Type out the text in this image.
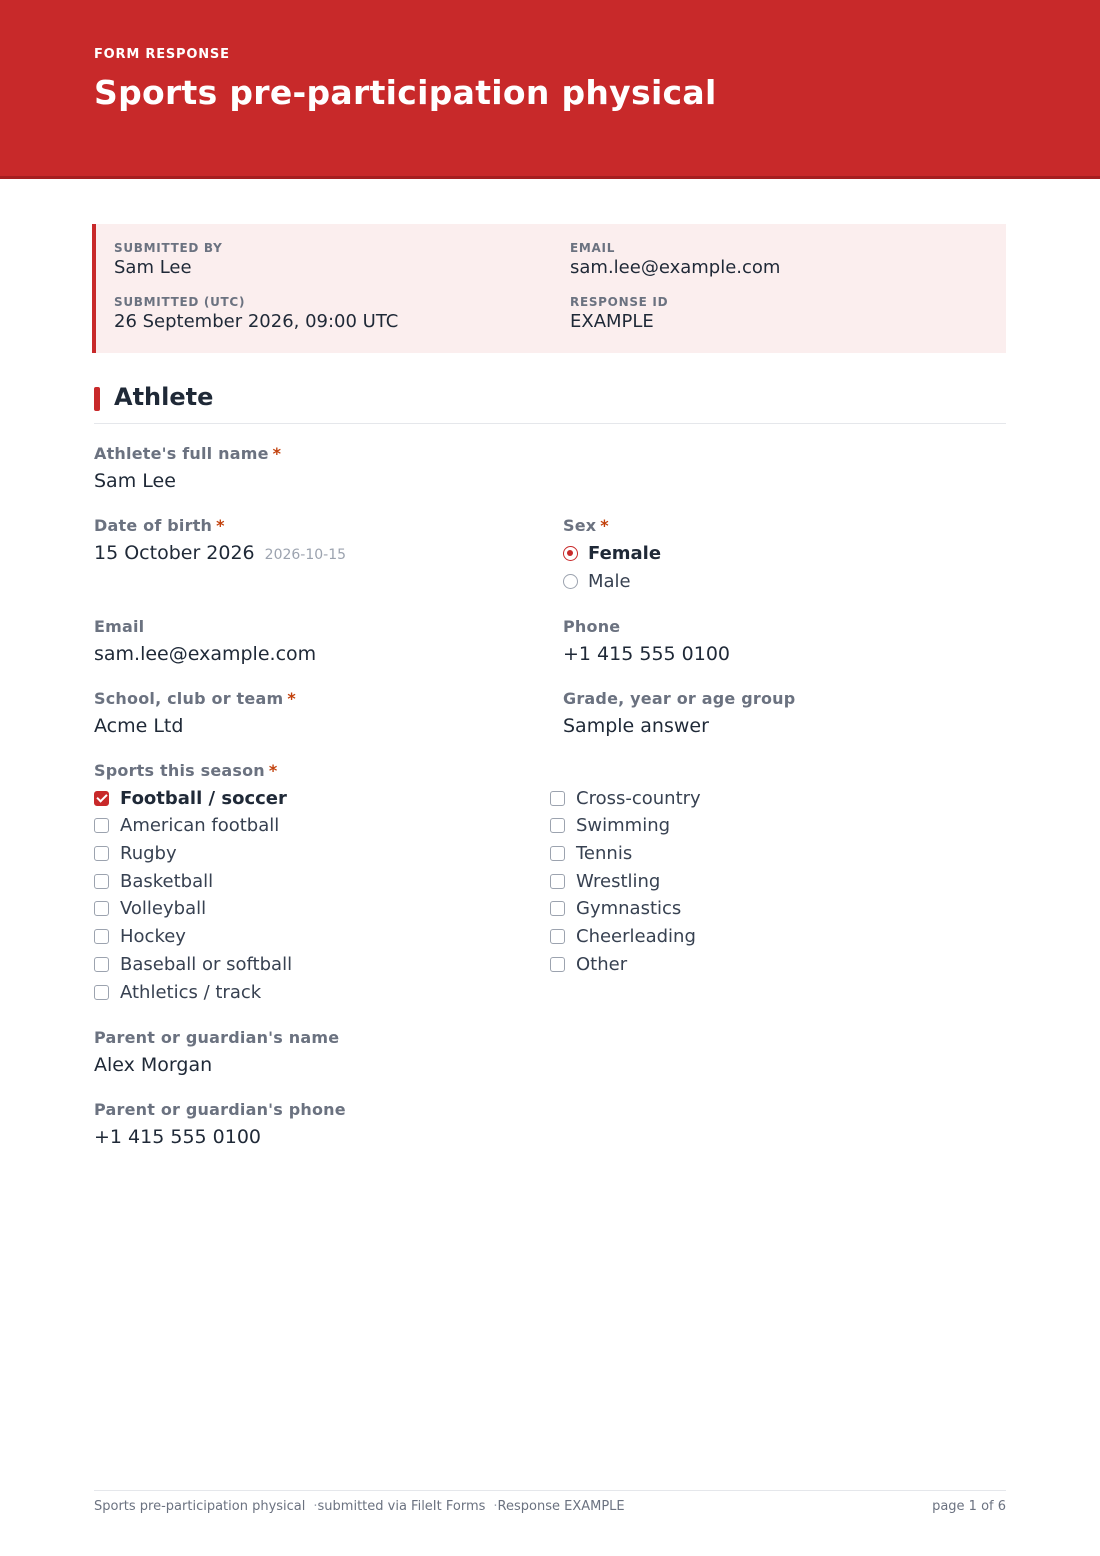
FORM RESPONSE
Sports pre-participation physical
SUBMITTED BY
Sam Lee
EMAIL
sam.lee@example.com
SUBMITTED (UTC)
26 September 2026, 09:00 UTC
RESPONSE ID
EXAMPLE
Athlete
Athlete's full name *
Sam Lee
Date of birth *
15 October 2026 2026-10-15
Sex *
Female
Male
Email
sam.lee@example.com
Phone
+1 415 555 0100
School, club or team *
Acme Ltd
Grade, year or age group
Sample answer
Sports this season *
Football / soccer
American football
Rugby
Basketball
Volleyball
Hockey
Baseball or softball
Athletics / track
Cross-country
Swimming
Tennis
Wrestling
Gymnastics
Cheerleading
Other
Parent or guardian's name
Alex Morgan
Parent or guardian's phone
+1 415 555 0100
Sports pre-participation physical ·submitted via FileIt Forms ·Response EXAMPLE	page 1 of 6
